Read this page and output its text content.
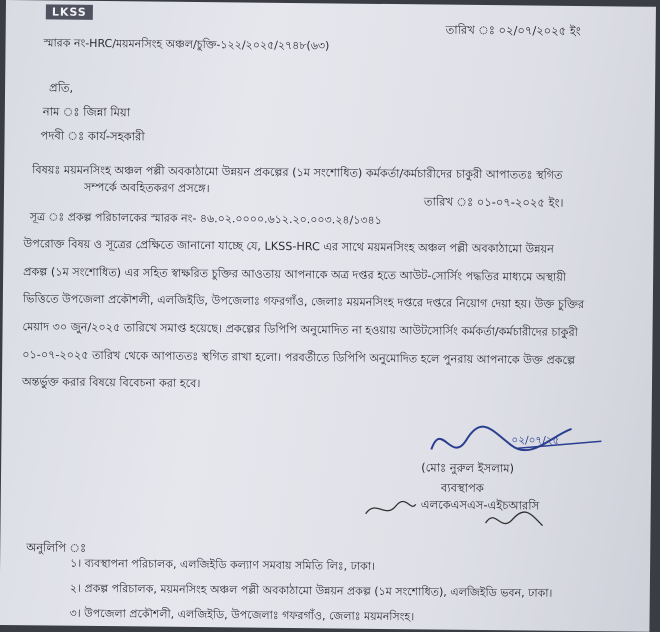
LKSS
স্মারক নং-HRC/ময়মনসিংহ অঞ্চল/চুক্তি-১২২/২০২৫/২৭৪৮(৬৩)
তারিখ ঃ ০২/০৭/২০২৫ ইং
প্রতি,
নাম ঃ জিন্না মিয়া
পদবী ঃ কার্য-সহকারী
বিষয়ঃ ময়মনসিংহ অঞ্চল পল্লী অবকাঠামো উন্নয়ন প্রকল্পের (১ম সংশোধিত) কর্মকর্তা/কর্মচারীদের চাকুরী আপাততঃ স্থগিত
সম্পর্কে অবহিতকরণ প্রসঙ্গে।
সূত্র ঃ প্রকল্প পরিচালকের স্মারক নং- ৪৬.০২.০০০০.৬১২.২০.০০৩.২৪/১৩৪১
তারিখ ঃ ০১-০৭-২০২৫ ইং।
উপরোক্ত বিষয় ও সূত্রের প্রেক্ষিতে জানানো যাচ্ছে যে, LKSS-HRC এর সাথে ময়মনসিংহ অঞ্চল পল্লী অবকাঠামো উন্নয়ন
প্রকল্প (১ম সংশোধিত) এর সহিত স্বাক্ষরিত চুক্তির আওতায় আপনাকে অত্র দপ্তর হতে আউট-সোর্সিং পদ্ধতির মাধ্যমে অস্থায়ী
ভিত্তিতে উপজেলা প্রকৌশলী, এলজিইডি, উপজেলাঃ গফরগাঁও, জেলাঃ ময়মনসিংহ দপ্তরে দপ্তরে নিয়োগ দেয়া হয়। উক্ত চুক্তির
মেয়াদ ৩০ জুন/২০২৫ তারিখে সমাপ্ত হয়েছে। প্রকল্পের ডিপিপি অনুমোদিত না হওয়ায় আউটসোর্সিং কর্মকর্তা/কর্মচারীদের চাকুরী
০১-০৭-২০২৫ তারিখ থেকে আপাততঃ স্থগিত রাখা হলো। পরবর্তীতে ডিপিপি অনুমোদিত হলে পুনরায় আপনাকে উক্ত প্রকল্পে
অন্তর্ভুক্ত করার বিষয়ে বিবেচনা করা হবে।
০২/০৭/২৫
(মোঃ নুরুল ইসলাম)
ব্যবস্থাপক
এলকেএসএস-এইচআরসি
অনুলিপি ঃ
১। ব্যবস্থাপনা পরিচালক, এলজিইডি কল্যাণ সমবায় সমিতি লিঃ, ঢাকা।
২। প্রকল্প পরিচালক, ময়মনসিংহ অঞ্চল পল্লী অবকাঠামো উন্নয়ন প্রকল্প (১ম সংশোধিত), এলজিইডি ভবন, ঢাকা।
৩। উপজেলা প্রকৌশলী, এলজিইডি, উপজেলাঃ গফরগাঁও, জেলাঃ ময়মনসিংহ।
